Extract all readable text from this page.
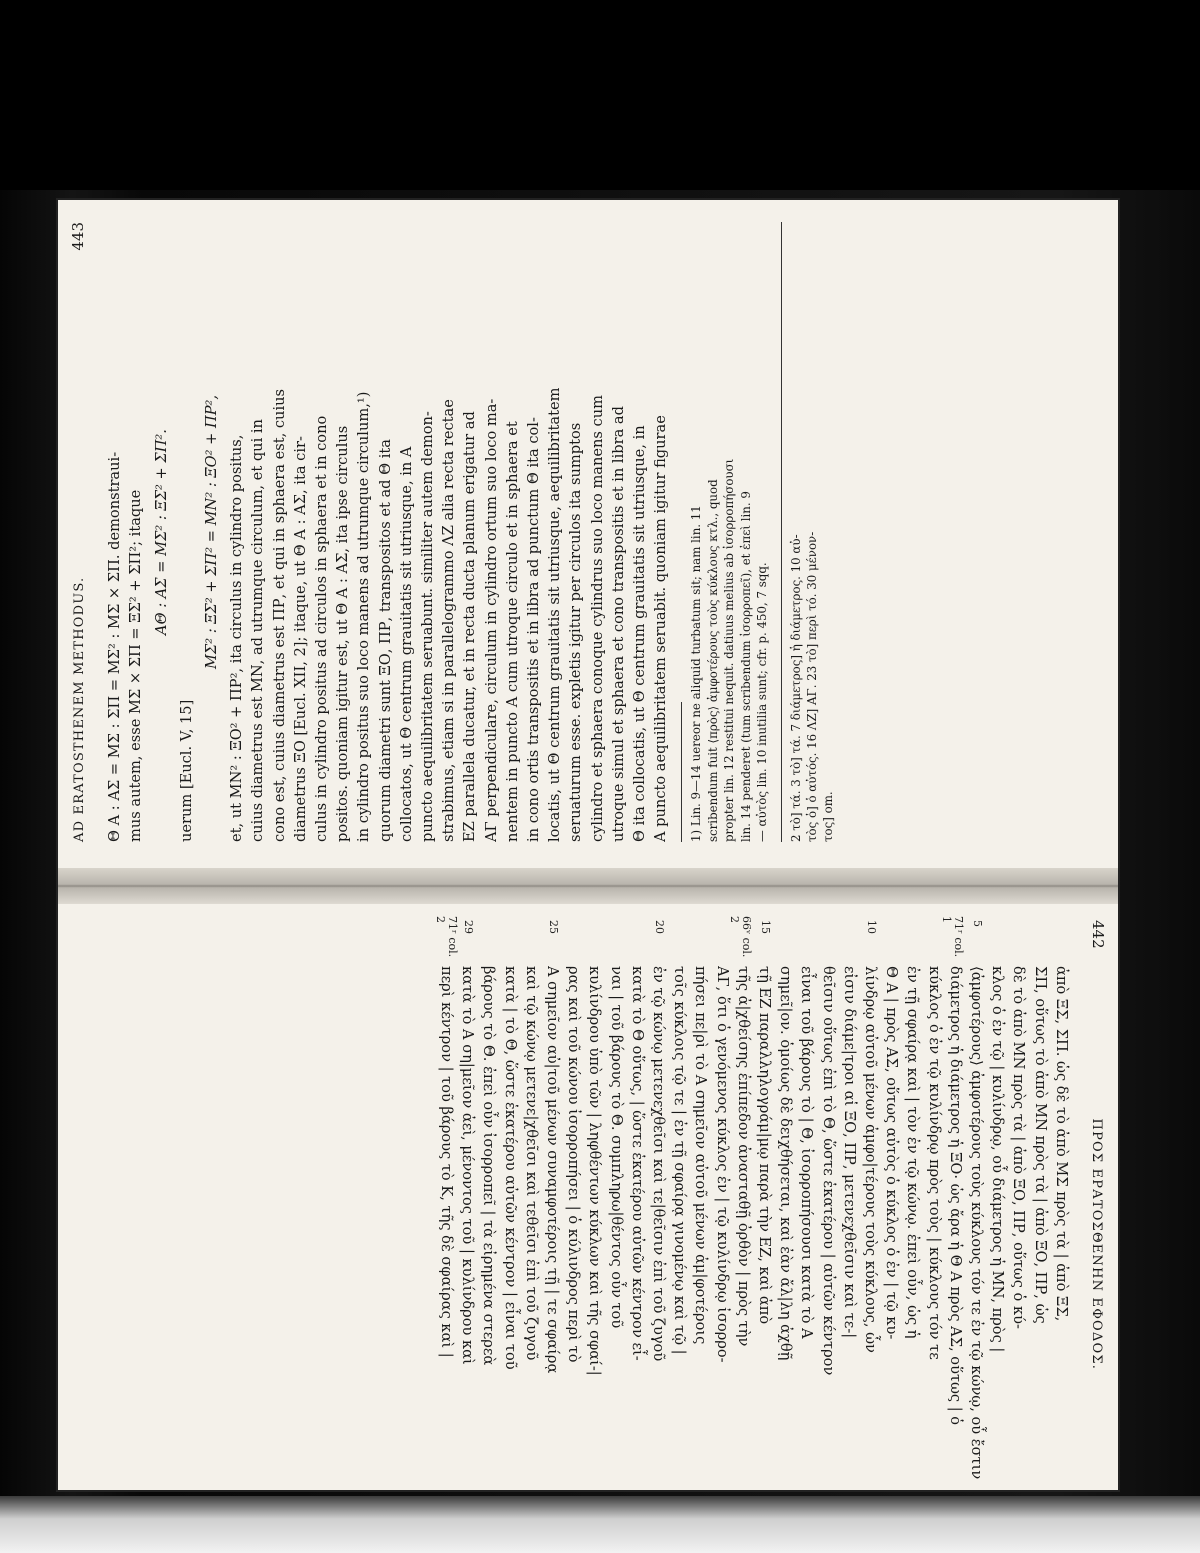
AD ERATOSTHENEM METHODUS.
443
Θ Α : ΑΣ = ΜΣ : ΣΠ = ΜΣ² : ΜΣ × ΣΠ. demonstraui- mus autem, esse ΜΣ × ΣΠ = ΞΣ² + ΣΠ²; itaque ΑΘ : ΑΣ = ΜΣ² : ΞΣ² + ΣΠ².
uerum [Eucl. V, 15]
ΜΣ² : ΞΣ² + ΣΠ² = ΜΝ² : ΞΟ² + ΠΡ², et, ut ΜΝ² : ΞΟ² + ΠΡ², ita circulus in cylindro positus, cuius diametrus est ΜΝ, ad utrumque circulum, et qui in cono est, cuius diametrus est ΠΡ, et qui in sphaera est, cuius diametrus ΞΟ [Eucl. XII, 2]; itaque, ut Θ Α : ΑΣ, ita cir- culus in cylindro positus ad circulos in sphaera et in cono positos. quoniam igitur est, ut Θ Α : ΑΣ, ita ipse circulus in cylindro positus suo loco manens ad utrumque circulum,¹) quorum diametri sunt ΞΟ, ΠΡ, transpositos et ad Θ ita collocatos, ut Θ centrum grauitatis sit utriusque, in Α puncto aequilibritatem seruabunt. similiter autem demon- strabimus, etiam si in parallelogrammo ΛΖ alia recta rectae ΕΖ parallela ducatur, et in recta ducta planum erigatur ad ΑΓ perpendiculare, circulum in cylindro ortum suo loco ma- nentem in puncto Α cum utroque circulo et in sphaera et in cono ortis transpositis et in libra ad punctum Θ ita col- locatis, ut Θ centrum grauitatis sit utriusque, aequilibritatem seruaturum esse. expletis igitur per circulos ita sumptos cylindro et sphaera conoque cylindrus suo loco manens cum utroque simul et sphaera et cono transpositis et in libra ad Θ ita collocatis, ut Θ centrum grauitatis sit utriusque, in Α puncto aequilibritatem seruabit. quoniam igitur figurae 1) Lin. 9—14 uereor ne aliquid turbatum sit; nam lin. 11 scribendum fuit ⟨πρὸς⟩ ἀμφοτέρους τοὺς κύκλους κτλ., quod propter lin. 12 restitui nequit. datiuus melius ab ἰσορροπήσουσι lin. 14 penderet (tum scribendum ἰσορροπεῖ), et ἐπεὶ lin. 9 — αὐτὸς lin. 10 inutilia sunt; cfr. p. 450, 7 sqq. 2 τὸ] τά. 3 τὸ] τά. 7 διάμετρος] ἡ διάμετρος. 10 αὐ- τὸς ὁ] ὁ αὐτός. 16 ΛΖ] ΑΓ. 23 τὸ] περὶ τό. 30 μένον- τος] om.
442
ΠΡΟΣ ΕΡΑΤΟΣΘΕΝΗΝ ΕΦΟΔΟΣ.
ἀπὸ ΞΣ, ΣΠ. ὡς δὲ τὸ ἀπὸ ΜΣ πρὸς τὰ | ἀπὸ ΞΣ,
ΣΠ, οὕτως τὸ ἀπὸ ΜΝ πρὸς τὰ | ἀπὸ ΞΟ, ΠΡ, ὡς
δὲ τὸ ἀπὸ ΜΝ πρὸς τὰ | ἀπὸ ΞΟ, ΠΡ, οὕτως ὁ κύ-
κλος ὁ ἐν τῷ | κυλίνδρῳ, οὗ διάμετρος ἡ ΜΝ, πρὸς |
⟨ἀμφοτέρους⟩ ἀμφοτέρους τοὺς κύκλους τόν τε ἐν τῷ κώνῳ, οὗ ἔστιν
διάμετρος ἡ διάμετρος ἡ ΞΟ· ὡς ἄρα ἡ Θ Α πρὸς ΑΣ, οὕτως | ὁ
κύκλος ὁ ἐν τῷ κυλίνδρῳ πρὸς τοὺς | κύκλους τόν τε
ἐν τῇ σφαίρᾳ καὶ | τὸν ἐν τῷ κώνῳ. ἐπεὶ οὖν, ὡς ἡ
Θ Α | πρὸς ΑΣ, οὕτως αὐτὸς ὁ κύκλος ὁ ἐν | τῷ κυ-
λίνδρῳ αὐτοῦ μένων ἀμφο|τέρους τοὺς κύκλους, ὧν
εἰσιν διάμε|τροι αἱ ΞΟ, ΠΡ, μετενεχθεῖσιν καὶ τε-|
θεῖσιν οὕτως ἐπὶ τὸ Θ, ὥστε ἑκατέρου | αὐτῶν κέντρον
εἶναι τοῦ βάρους τὸ | Θ, ἰσορροπήσουσι κατὰ τὸ Α
σημεῖ|ον. ὁμοίως δὲ δειχθήσεται, καὶ ἐὰν ἄλ|λη ἀχθῇ
τῇ ΕΖ παραλληλογράμ|μῳ παρὰ τὴν ΕΖ, καὶ ἀπὸ
τῆς ἀ|χθείσης ἐπίπεδον ἀνασταθῇ ὀρθὸν | πρὸς τὴν
ΑΓ, ὅτι ὁ γενόμενος κύκλος ἐν | τῷ κυλίνδρῳ ἰσορρο-
πήσει πε|ρὶ τὸ Α σημεῖον αὐτοῦ μένων ἀμ|φοτέροις
τοῖς κύκλοις τῷ τε | ἐν τῇ σφαίρᾳ γινομένῳ καὶ τῷ |
ἐν τῷ κώνῳ μετενεχθεῖσι καὶ τε|θεῖσιν ἐπὶ τοῦ ζυγοῦ
κατὰ τὸ Θ οὕτως, | ὥστε ἑκατέρου αὐτῶν κέντρον εἶ-
ναι | τοῦ βάρους τὸ Θ. συμπληρω|θέντος οὖν τοῦ
κυλίνδρου ὑπὸ τῶν | ληφθέντων κύκλων καὶ τῆς σφαί-|
ρας καὶ τοῦ κώνου ἰσορροπήσει | ὁ κύλινδρος περὶ τὸ
Α σημεῖον αὐ|τοῦ μένων συναμφοτέροις τῇ | τε σφαίρᾳ
καὶ τῷ κώνῳ μετενε|χθεῖσι καὶ τεθεῖσι ἐπὶ τοῦ ζυγοῦ
κατὰ | τὸ Θ, ὥστε ἑκατέρου αὐτῶν κέντρον | εἶναι τοῦ
βάρους τὸ Θ. ἐπεὶ οὖν ἰσορροπεῖ | τὰ εἰρημένα στερεὰ
κατὰ τὸ Α ση|μεῖον ἀεὶ, μένοντος τοῦ | κυλίνδρου καὶ
περὶ κέντρον | τοῦ βάρους τὸ Κ, τῆς δὲ σφαίρας καὶ |
5
10
15
20
25
29	71ʳ col. 1
66ᵛ col. 2
71ʳ col. 2
